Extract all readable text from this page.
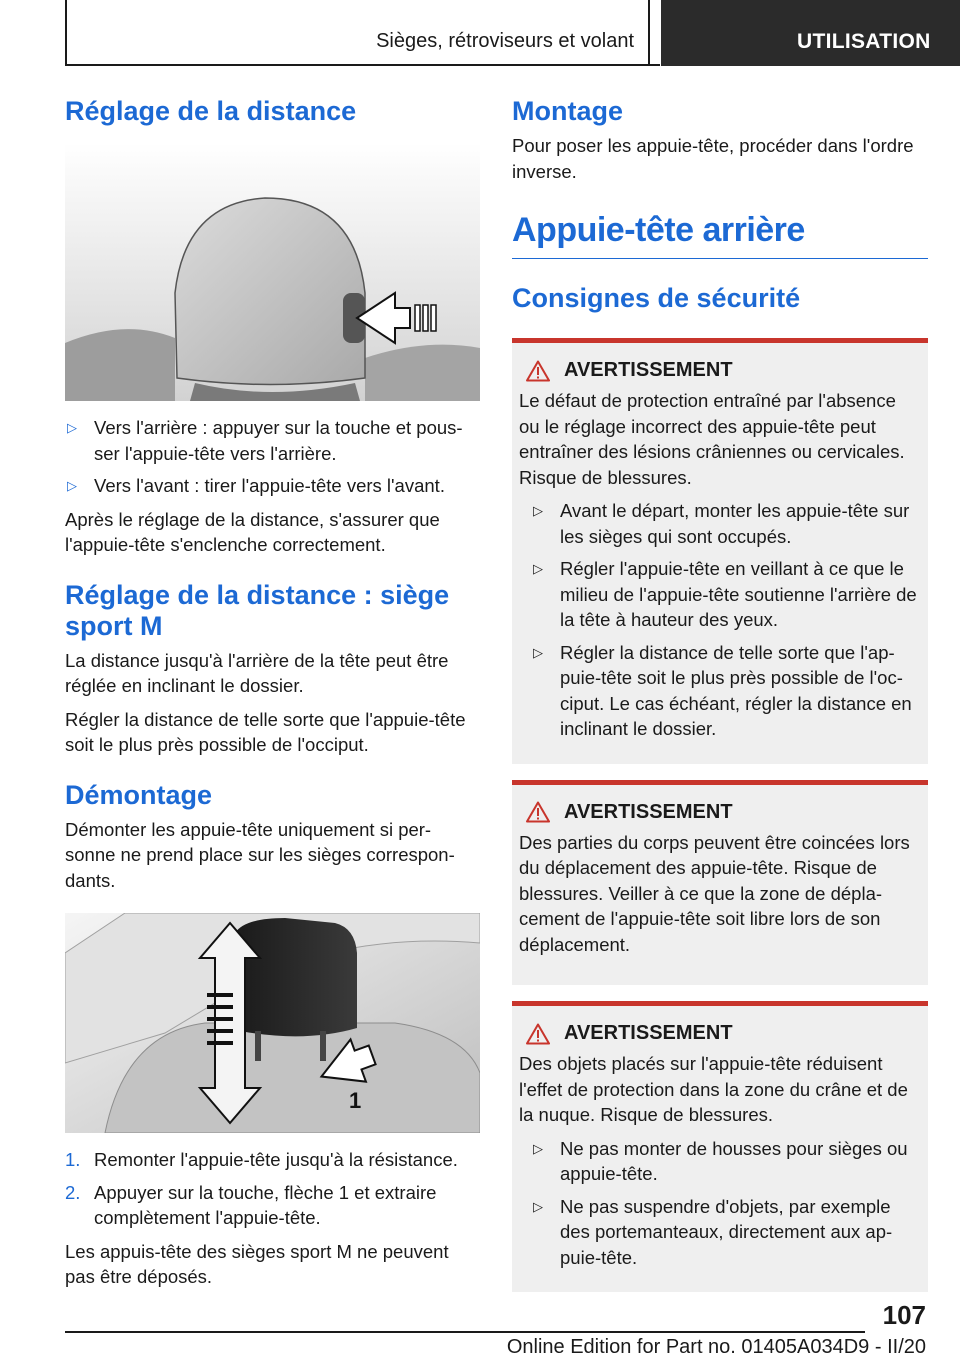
Sièges, rétroviseurs et volant	UTILISATION
Réglage de la distance
▷ Vers l'arrière : appuyer sur la touche et pous-ser l'appuie-tête vers l'arrière.
▷ Vers l'avant : tirer l'appuie-tête vers l'avant.

Après le réglage de la distance, s'assurer que l'appuie-tête s'enclenche correctement.

Réglage de la distance : siège sport M

La distance jusqu'à l'arrière de la tête peut être réglée en inclinant le dossier.

Régler la distance de telle sorte que l'appuie-tête soit le plus près possible de l'occiput.

Démontage

Démonter les appuie-tête uniquement si per-sonne ne prend place sur les sièges correspon-dants.

1
1. Remonter l'appuie-tête jusqu'à la résistance.
2. Appuyer sur la touche, flèche 1 et extraire complètement l'appuie-tête.

Les appuis-tête des sièges sport M ne peuvent pas être déposés.

Montage

Pour poser les appuie-tête, procéder dans l'ordre inverse.

Appuie-tête arrière
Consignes de sécurité
AVERTISSEMENT

Le défaut de protection entraîné par l'absence ou le réglage incorrect des appuie-tête peut entraîner des lésions crâniennes ou cervicales. Risque de blessures.

▷ Avant le départ, monter les appuie-tête sur les sièges qui sont occupés.
▷ Régler l'appuie-tête en veillant à ce que le milieu de l'appuie-tête soutienne l'arrière de la tête à hauteur des yeux.
▷ Régler la distance de telle sorte que l'ap-puie-tête soit le plus près possible de l'oc-ciput. Le cas échéant, régler la distance en inclinant le dossier.
AVERTISSEMENT

Des parties du corps peuvent être coincées lors du déplacement des appuie-tête. Risque de blessures. Veiller à ce que la zone de dépla-cement de l'appuie-tête soit libre lors de son déplacement.

AVERTISSEMENT

Des objets placés sur l'appuie-tête réduisent l'effet de protection dans la zone du crâne et de la nuque. Risque de blessures.

▷ Ne pas monter de housses pour sièges ou appuie-tête.
▷ Ne pas suspendre d'objets, par exemple des portemanteaux, directement aux ap-puie-tête.
107
Online Edition for Part no. 01405A034D9 - II/20
